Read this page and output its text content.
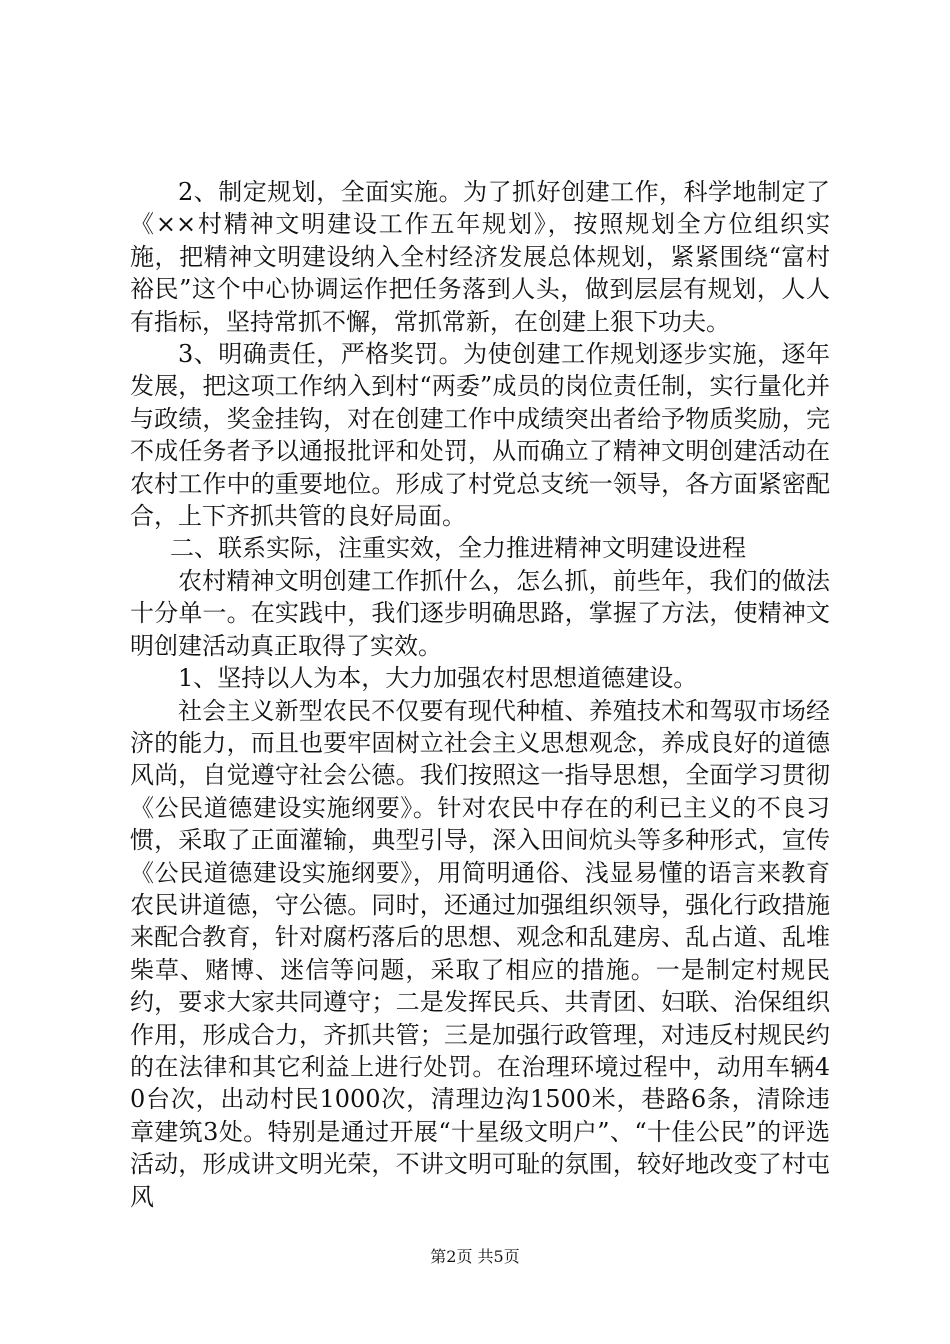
2、制定规划，全面实施。为了抓好创建工作，科学地制定了《××村精神文明建设工作五年规划》，按照规划全方位组织实施，把精神文明建设纳入全村经济发展总体规划，紧紧围绕“富村裕民”这个中心协调运作把任务落到人头，做到层层有规划，人人有指标，坚持常抓不懈，常抓常新，在创建上狠下功夫。

3、明确责任，严格奖罚。为使创建工作规划逐步实施，逐年发展，把这项工作纳入到村“两委”成员的岗位责任制，实行量化并与政绩，奖金挂钩，对在创建工作中成绩突出者给予物质奖励，完不成任务者予以通报批评和处罚，从而确立了精神文明创建活动在农村工作中的重要地位。形成了村党总支统一领导，各方面紧密配合，上下齐抓共管的良好局面。

二、联系实际，注重实效，全力推进精神文明建设进程

农村精神文明创建工作抓什么，怎么抓，前些年，我们的做法十分单一。在实践中，我们逐步明确思路，掌握了方法，使精神文明创建活动真正取得了实效。

1、坚持以人为本，大力加强农村思想道德建设。

社会主义新型农民不仅要有现代种植、养殖技术和驾驭市场经济的能力，而且也要牢固树立社会主义思想观念，养成良好的道德风尚，自觉遵守社会公德。我们按照这一指导思想，全面学习贯彻《公民道德建设实施纲要》。针对农民中存在的利已主义的不良习惯，采取了正面灌输，典型引导，深入田间炕头等多种形式，宣传《公民道德建设实施纲要》，用简明通俗、浅显易懂的语言来教育农民讲道德，守公德。同时，还通过加强组织领导，强化行政措施来配合教育，针对腐朽落后的思想、观念和乱建房、乱占道、乱堆柴草、赌博、迷信等问题，采取了相应的措施。一是制定村规民约，要求大家共同遵守；二是发挥民兵、共青团、妇联、治保组织作用，形成合力，齐抓共管；三是加强行政管理，对违反村规民约的在法律和其它利益上进行处罚。在治理环境过程中，动用车辆40台次，出动村民1000次，清理边沟1500米，巷路6条，清除违章建筑3处。特别是通过开展“十星级文明户”、“十佳公民”的评选活动，形成讲文明光荣，不讲文明可耻的氛围，较好地改变了村屯风

第2页 共5页
